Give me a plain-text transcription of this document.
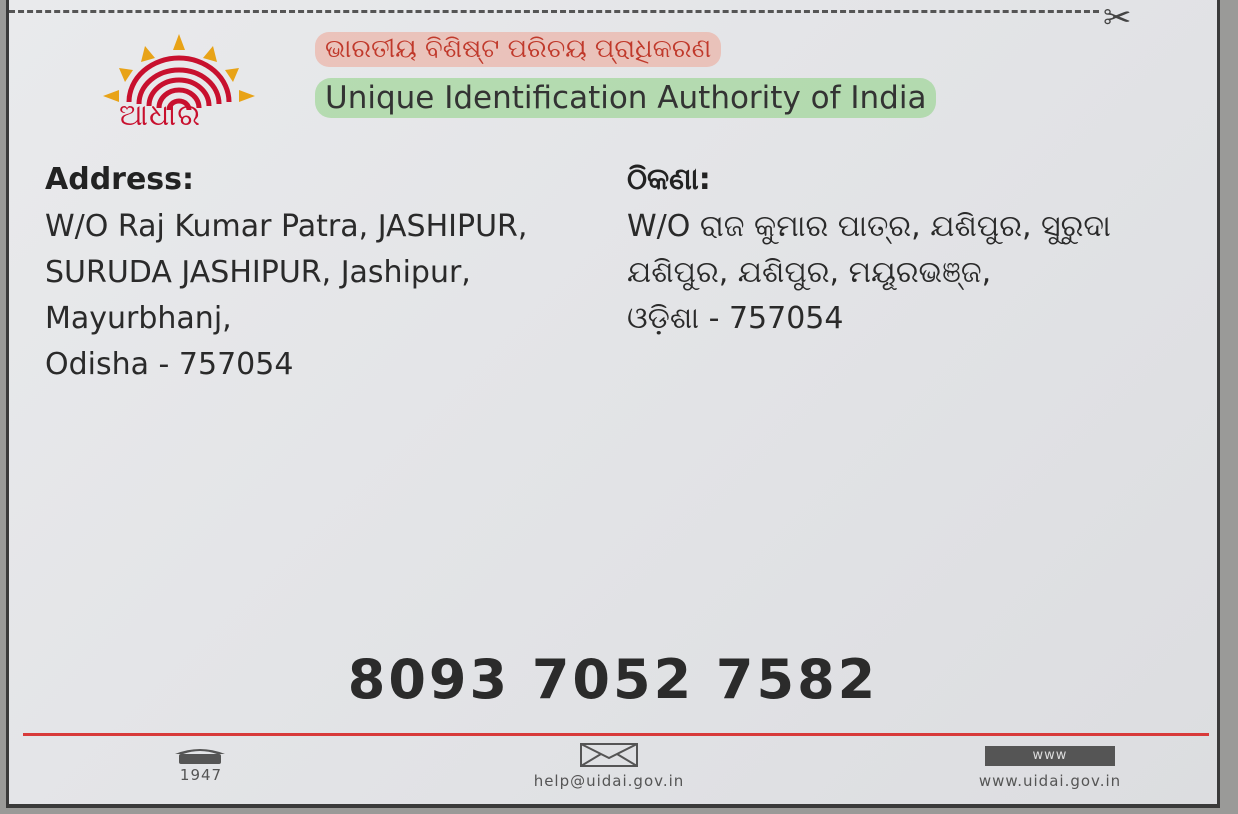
✂
ଆଧାର
ଭାରତୀୟ ବିଶିଷ୍ଟ ପରିଚୟ ପ୍ରାଧିକରଣ
Unique Identification Authority of India
Address:
W/O Raj Kumar Patra, JASHIPUR,
SURUDA JASHIPUR, Jashipur,
Mayurbhanj,
Odisha - 757054
ଠିକଣା:
W/O ରାଜ କୁମାର ପାତ୍ର, ଯଶିପୁର, ସୁରୁଦା
ଯଶିପୁର, ଯଶିପୁର, ମୟୂରଭଞ୍ଜ,
ଓଡ଼ିଶା - 757054
8093 7052 7582
1947	help@uidai.gov.in
www
www.uidai.gov.in
